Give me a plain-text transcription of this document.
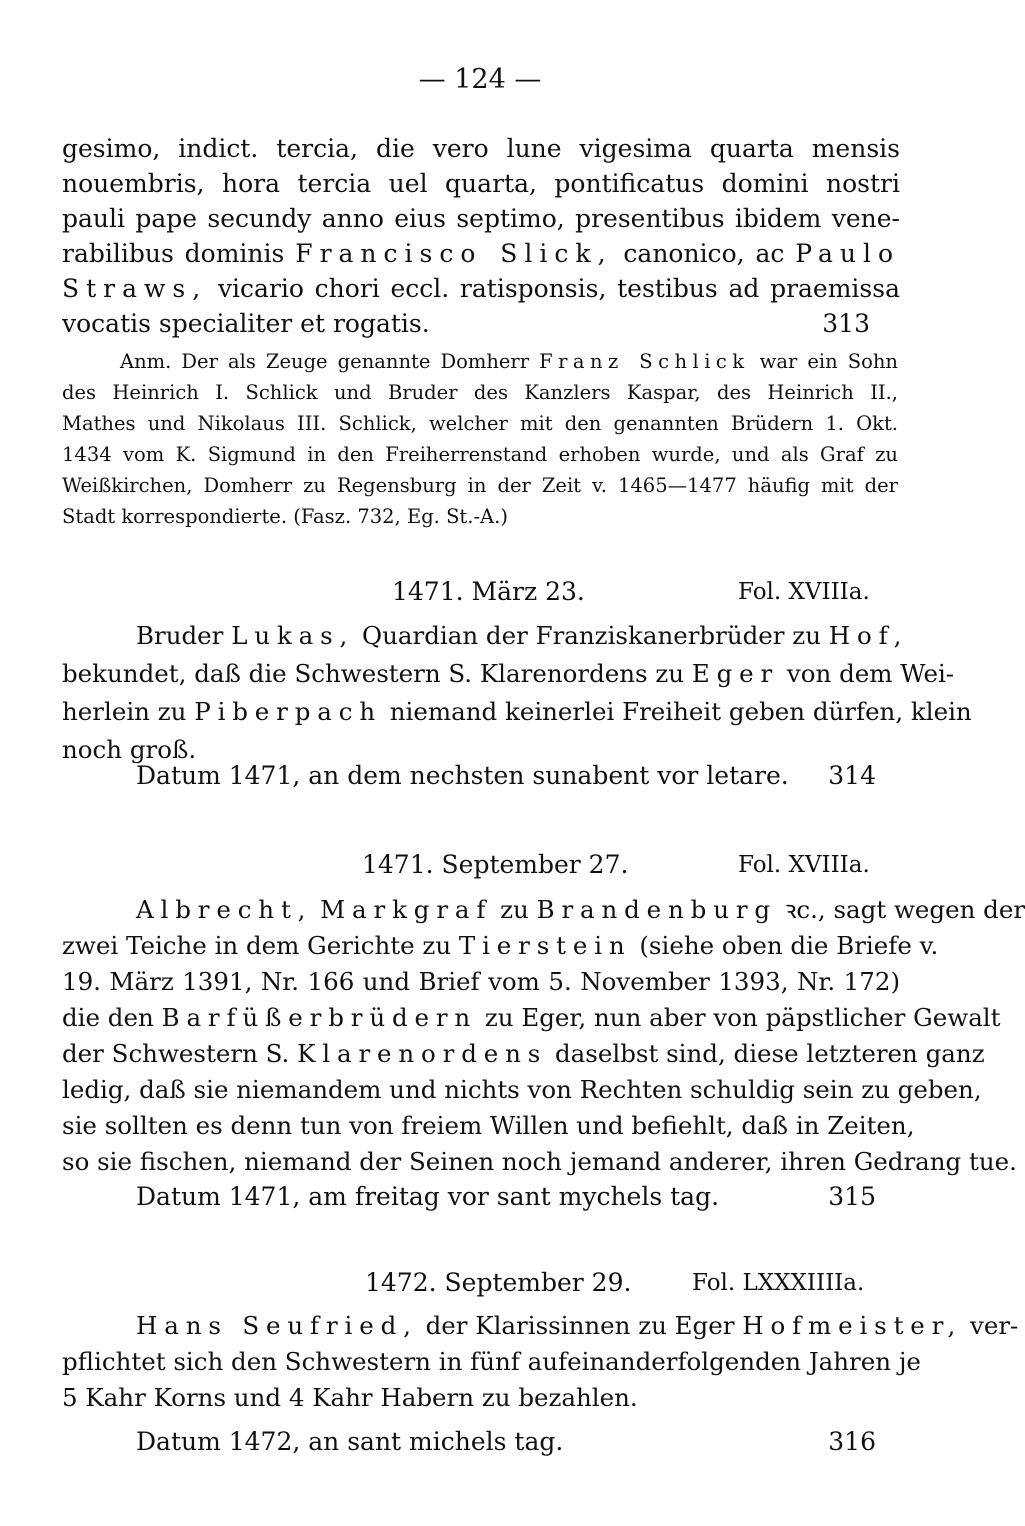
— 124 —
gesimo, indict. tercia, die vero lune vigesima quarta mensis
nouembris, hora tercia uel quarta, pontificatus domini nostri
pauli pape secundy anno eius septimo, presentibus ibidem vene-
rabilibus dominis Francisco Slick, canonico, ac Paulo
Straws, vicario chori eccl. ratisponsis, testibus ad praemissa
vocatis specialiter et rogatis.	313
Anm. Der als Zeuge genannte Domherr Franz Schlick war ein Sohn
des Heinrich I. Schlick und Bruder des Kanzlers Kaspar, des Heinrich II.,
Mathes und Nikolaus III. Schlick, welcher mit den genannten Brüdern 1. Okt.
1434 vom K. Sigmund in den Freiherrenstand erhoben wurde, und als Graf zu
Weißkirchen, Domherr zu Regensburg in der Zeit v. 1465—1477 häufig mit der
Stadt korrespondierte. (Fasz. 732, Eg. St.-A.)
1471. März 23.	Fol. XVIIIa.
Bruder Lukas, Quardian der Franziskanerbrüder zu Hof,
bekundet, daß die Schwestern S. Klarenordens zu Eger von dem Wei-
herlein zu Piberpach niemand keinerlei Freiheit geben dürfen, klein
noch groß.
Datum 1471, an dem nechsten sunabent vor letare. 314
1471. September 27.	Fol. XVIIIa.
Albrecht, Markgraf zu Brandenburg ꝛc., sagt wegen der
zwei Teiche in dem Gerichte zu Tierstein (siehe oben die Briefe v.
19. März 1391, Nr. 166 und Brief vom 5. November 1393, Nr. 172)
die den Barfüßerbrüdern zu Eger, nun aber von päpstlicher Gewalt
der Schwestern S. Klarenordens daselbst sind, diese letzteren ganz
ledig, daß sie niemandem und nichts von Rechten schuldig sein zu geben,
sie sollten es denn tun von freiem Willen und befiehlt, daß in Zeiten,
so sie fischen, niemand der Seinen noch jemand anderer, ihren Gedrang tue.
Datum 1471, am freitag vor sant mychels tag.	315
1472. September 29.	Fol. LXXXIIIIa.
Hans Seufried, der Klarissinnen zu Eger Hofmeister, ver-
pflichtet sich den Schwestern in fünf aufeinanderfolgenden Jahren je
5 Kahr Korns und 4 Kahr Habern zu bezahlen.
Datum 1472, an sant michels tag.	316
